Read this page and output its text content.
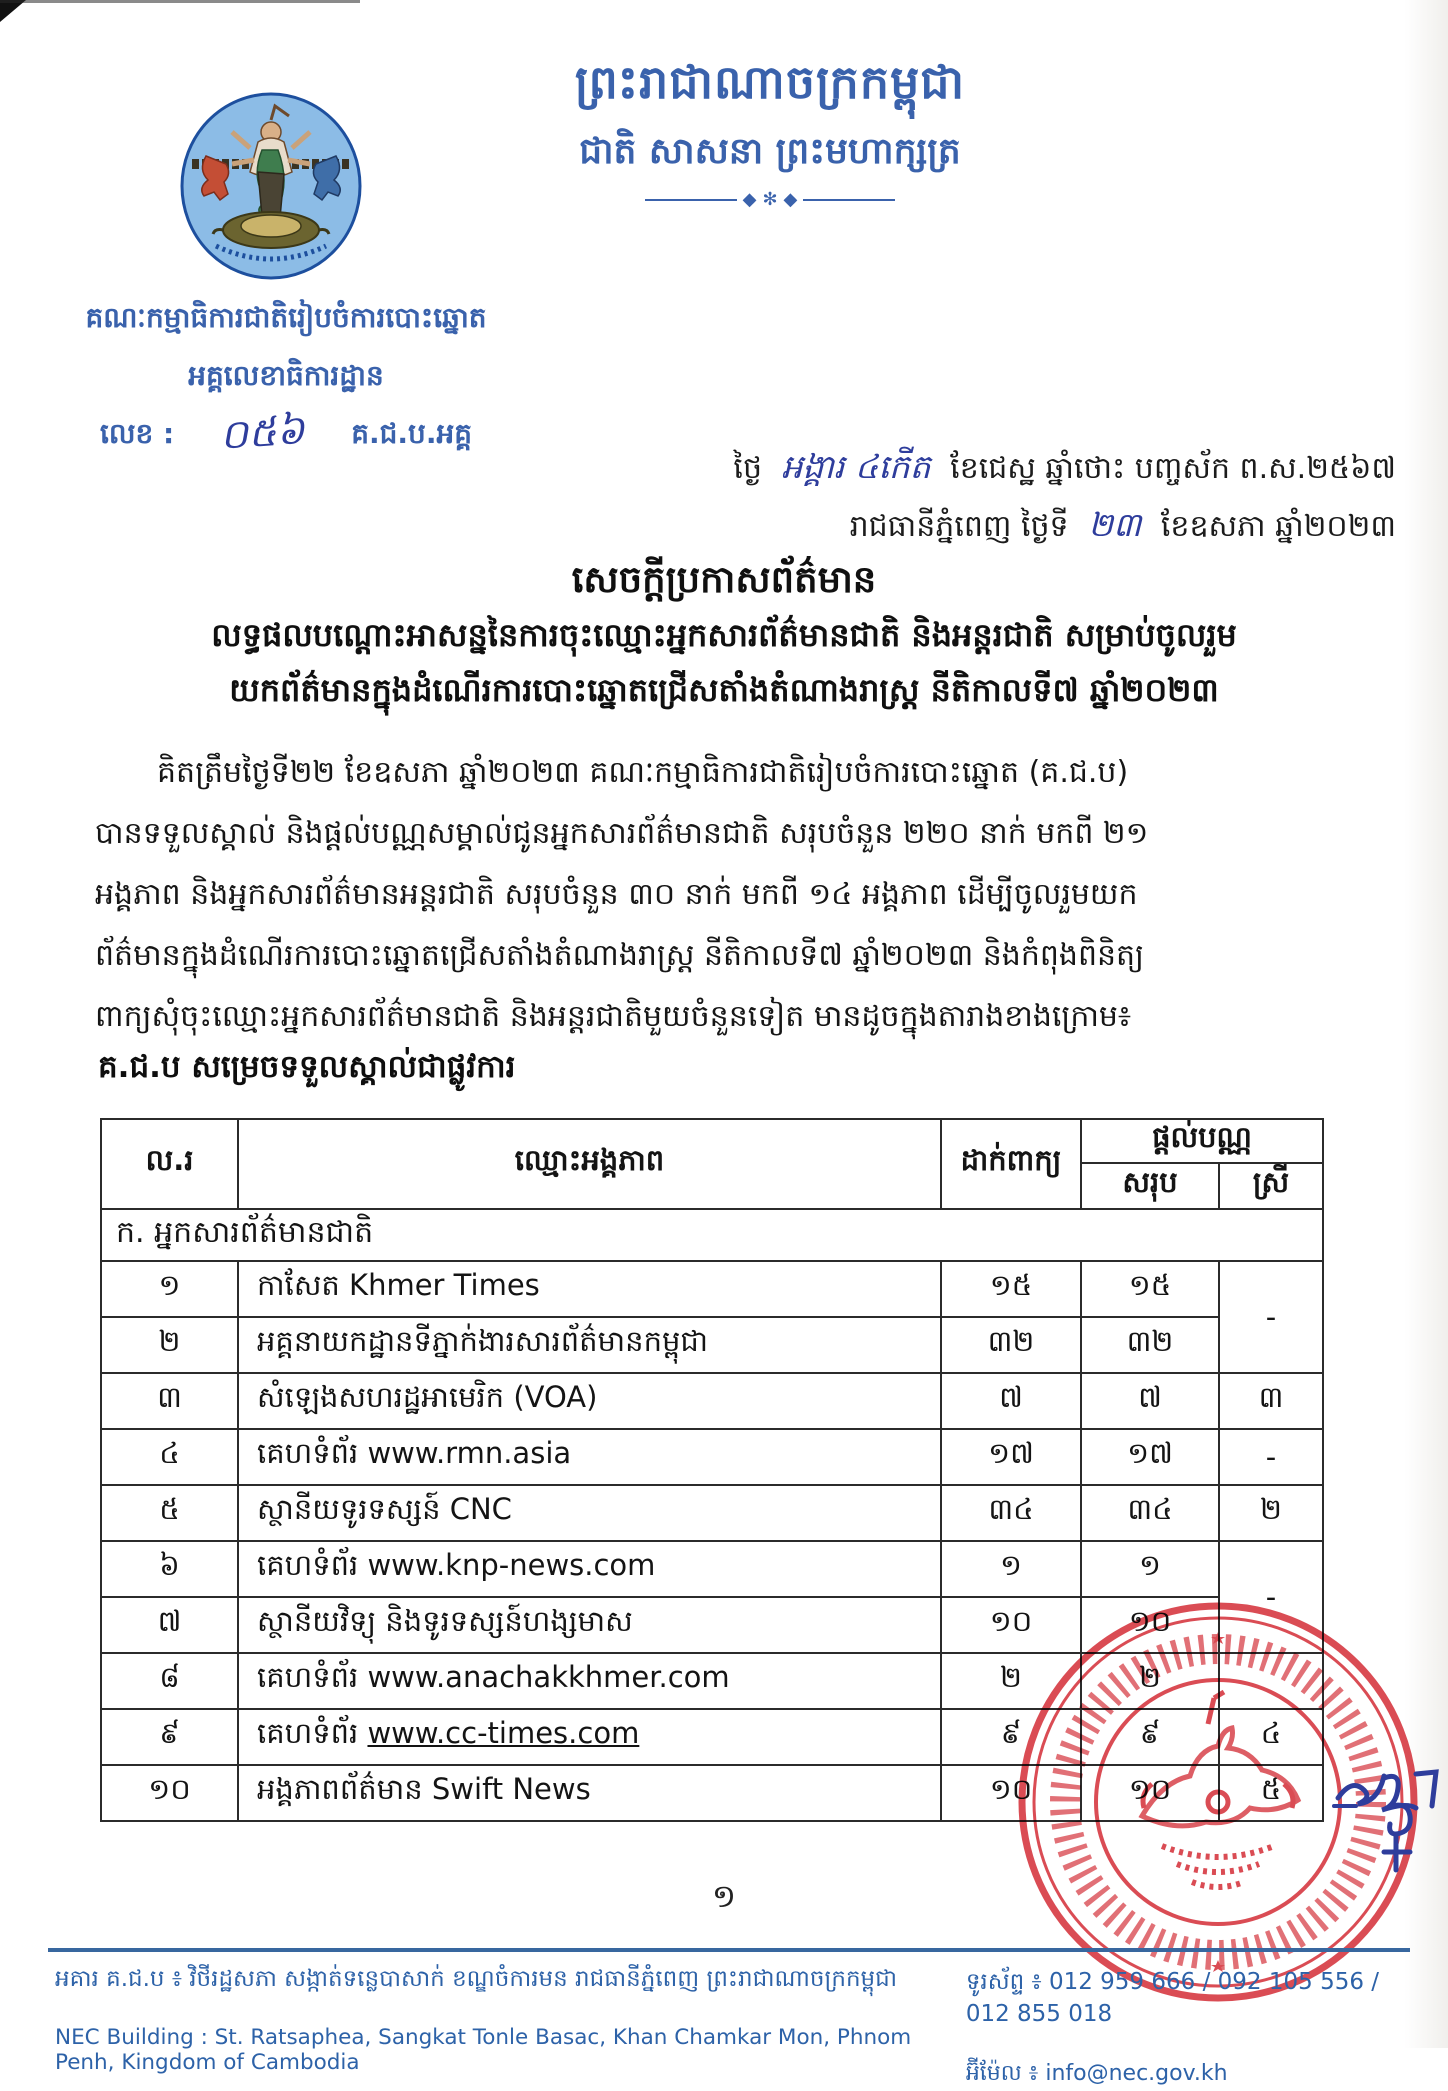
ព្រះរាជាណាចក្រកម្ពុជា
ជាតិ សាសនា ព្រះមហាក្សត្រ
◆ ✻ ◆
គណៈកម្មាធិការជាតិរៀបចំការបោះឆ្នោត
អគ្គលេខាធិការដ្ឋាន
លេខ : ០៥៦ គ.ជ.ប.អគ្គ
ថ្ងៃ អង្គារ ៤កើត ខែជេស្ឋ ឆ្នាំថោះ បញ្ចស័ក ព.ស.២៥៦៧
រាជធានីភ្នំពេញ ថ្ងៃទី ២៣ ខែឧសភា ឆ្នាំ២០២៣
សេចក្តីប្រកាសព័ត៌មាន
លទ្ធផលបណ្តោះអាសន្ននៃការចុះឈ្មោះអ្នកសារព័ត៌មានជាតិ និងអន្តរជាតិ សម្រាប់ចូលរួម
យកព័ត៌មានក្នុងដំណើរការបោះឆ្នោតជ្រើសតាំងតំណាងរាស្ត្រ នីតិកាលទី៧ ឆ្នាំ២០២៣
គិតត្រឹមថ្ងៃទី២២ ខែឧសភា ឆ្នាំ២០២៣ គណៈកម្មាធិការជាតិរៀបចំការបោះឆ្នោត (គ.ជ.ប)
បានទទួលស្គាល់ និងផ្តល់បណ្ណសម្គាល់ជូនអ្នកសារព័ត៌មានជាតិ សរុបចំនួន ២២០ នាក់ មកពី ២១
អង្គភាព និងអ្នកសារព័ត៌មានអន្តរជាតិ សរុបចំនួន ៣០ នាក់ មកពី ១៤ អង្គភាព ដើម្បីចូលរួមយក
ព័ត៌មានក្នុងដំណើរការបោះឆ្នោតជ្រើសតាំងតំណាងរាស្ត្រ នីតិកាលទី៧ ឆ្នាំ២០២៣ និងកំពុងពិនិត្យ
ពាក្យសុំចុះឈ្មោះអ្នកសារព័ត៌មានជាតិ និងអន្តរជាតិមួយចំនួនទៀត មានដូចក្នុងតារាងខាងក្រោម៖
គ.ជ.ប សម្រេចទទួលស្គាល់ជាផ្លូវការ
ល.រ	ឈ្មោះអង្គភាព	ដាក់ពាក្យ	ផ្តល់បណ្ណ	
			សរុប	ស្រី
ក. អ្នកសារព័ត៌មានជាតិ				
១	កាសែត Khmer Times	១៥	១៥	-
២	អគ្គនាយកដ្ឋានទីភ្នាក់ងារសារព័ត៌មានកម្ពុជា	៣២	៣២	
៣	សំឡេងសហរដ្ឋអាមេរិក (VOA)	៧	៧	៣
៤	គេហទំព័រ www.rmn.asia	១៧	១៧	-
៥	ស្ថានីយទូរទស្សន៍ CNC	៣៤	៣៤	២
៦	គេហទំព័រ www.knp-news.com	១	១	-
៧	ស្ថានីយវិទ្យុ និងទូរទស្សន៍ហង្សមាស	១០	១០	
៨	គេហទំព័រ www.anachakkhmer.com	២	២	
៩	គេហទំព័រ www.cc-times.com	៩	៩	៤
១០	អង្គភាពព័ត៌មាន Swift News	១០	១០	៥
១
អគារ គ.ជ.ប ៖ វិថីរដ្ឋសភា សង្កាត់ទន្លេបាសាក់ ខណ្ឌចំការមន រាជធានីភ្នំពេញ ព្រះរាជាណាចក្រកម្ពុជា
NEC Building : St. Ratsaphea, Sangkat Tonle Basac, Khan Chamkar Mon, Phnom Penh, Kingdom of Cambodia
ទូរស័ព្ទ ៖ 012 959 666 / 092 105 556 / 012 855 018
អ៊ីម៉ែល ៖ info@nec.gov.kh
